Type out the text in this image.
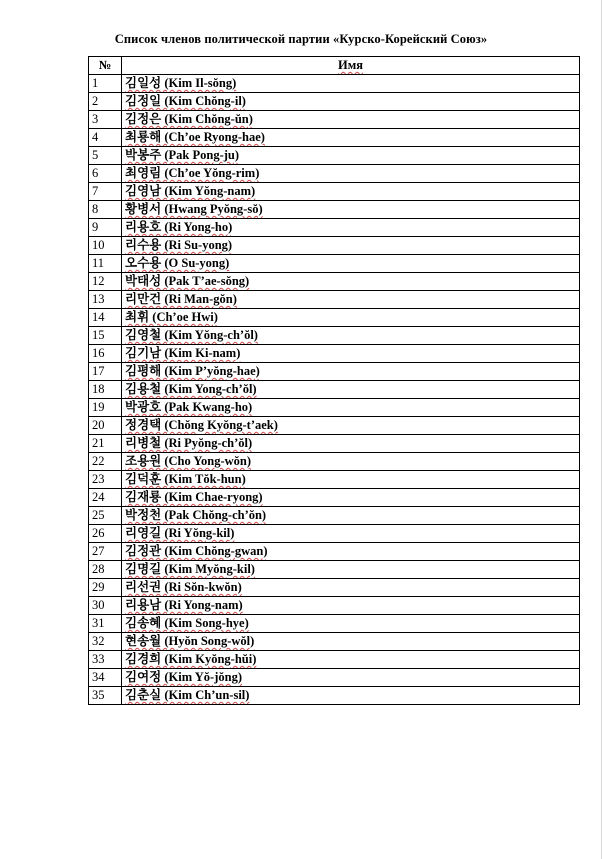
Список членов политической партии «Курско-Корейский Союз»
№	Имя
1	김일성 (Kim Il-sŏng)
2	김정일 (Kim Chŏng-il)
3	김정은 (Kim Chŏng-ŭn)
4	최룡해 (Ch’oe Ryong-hae)
5	박봉주 (Pak Pong-ju)
6	최영림 (Ch’oe Yŏng-rim)
7	김영남 (Kim Yŏng-nam)
8	황병서 (Hwang Pyŏng-sŏ)
9	리용호 (Ri Yong-ho)
10	리수용 (Ri Su-yong)
11	오수용 (O Su-yong)
12	박태성 (Pak T’ae-sŏng)
13	리만건 (Ri Man-gŏn)
14	최휘 (Ch’oe Hwi)
15	김영철 (Kim Yŏng-ch’ŏl)
16	김기남 (Kim Ki-nam)
17	김평해 (Kim P’yŏng-hae)
18	김용철 (Kim Yong-ch’ŏl)
19	박광호 (Pak Kwang-ho)
20	정경택 (Chŏng Kyŏng-t’aek)
21	리병철 (Ri Pyŏng-ch’ŏl)
22	조용원 (Cho Yong-wŏn)
23	김덕훈 (Kim Tŏk-hun)
24	김재룡 (Kim Chae-ryong)
25	박정천 (Pak Chŏng-ch’ŏn)
26	리영길 (Ri Yŏng-kil)
27	김정관 (Kim Chŏng-gwan)
28	김명길 (Kim Myŏng-kil)
29	리선권 (Ri Sŏn-kwŏn)
30	리용남 (Ri Yong-nam)
31	김송혜 (Kim Song-hye)
32	현송월 (Hyŏn Song-wŏl)
33	김경희 (Kim Kyŏng-hŭi)
34	김여정 (Kim Yŏ-jŏng)
35	김춘실 (Kim Ch’un-sil)
